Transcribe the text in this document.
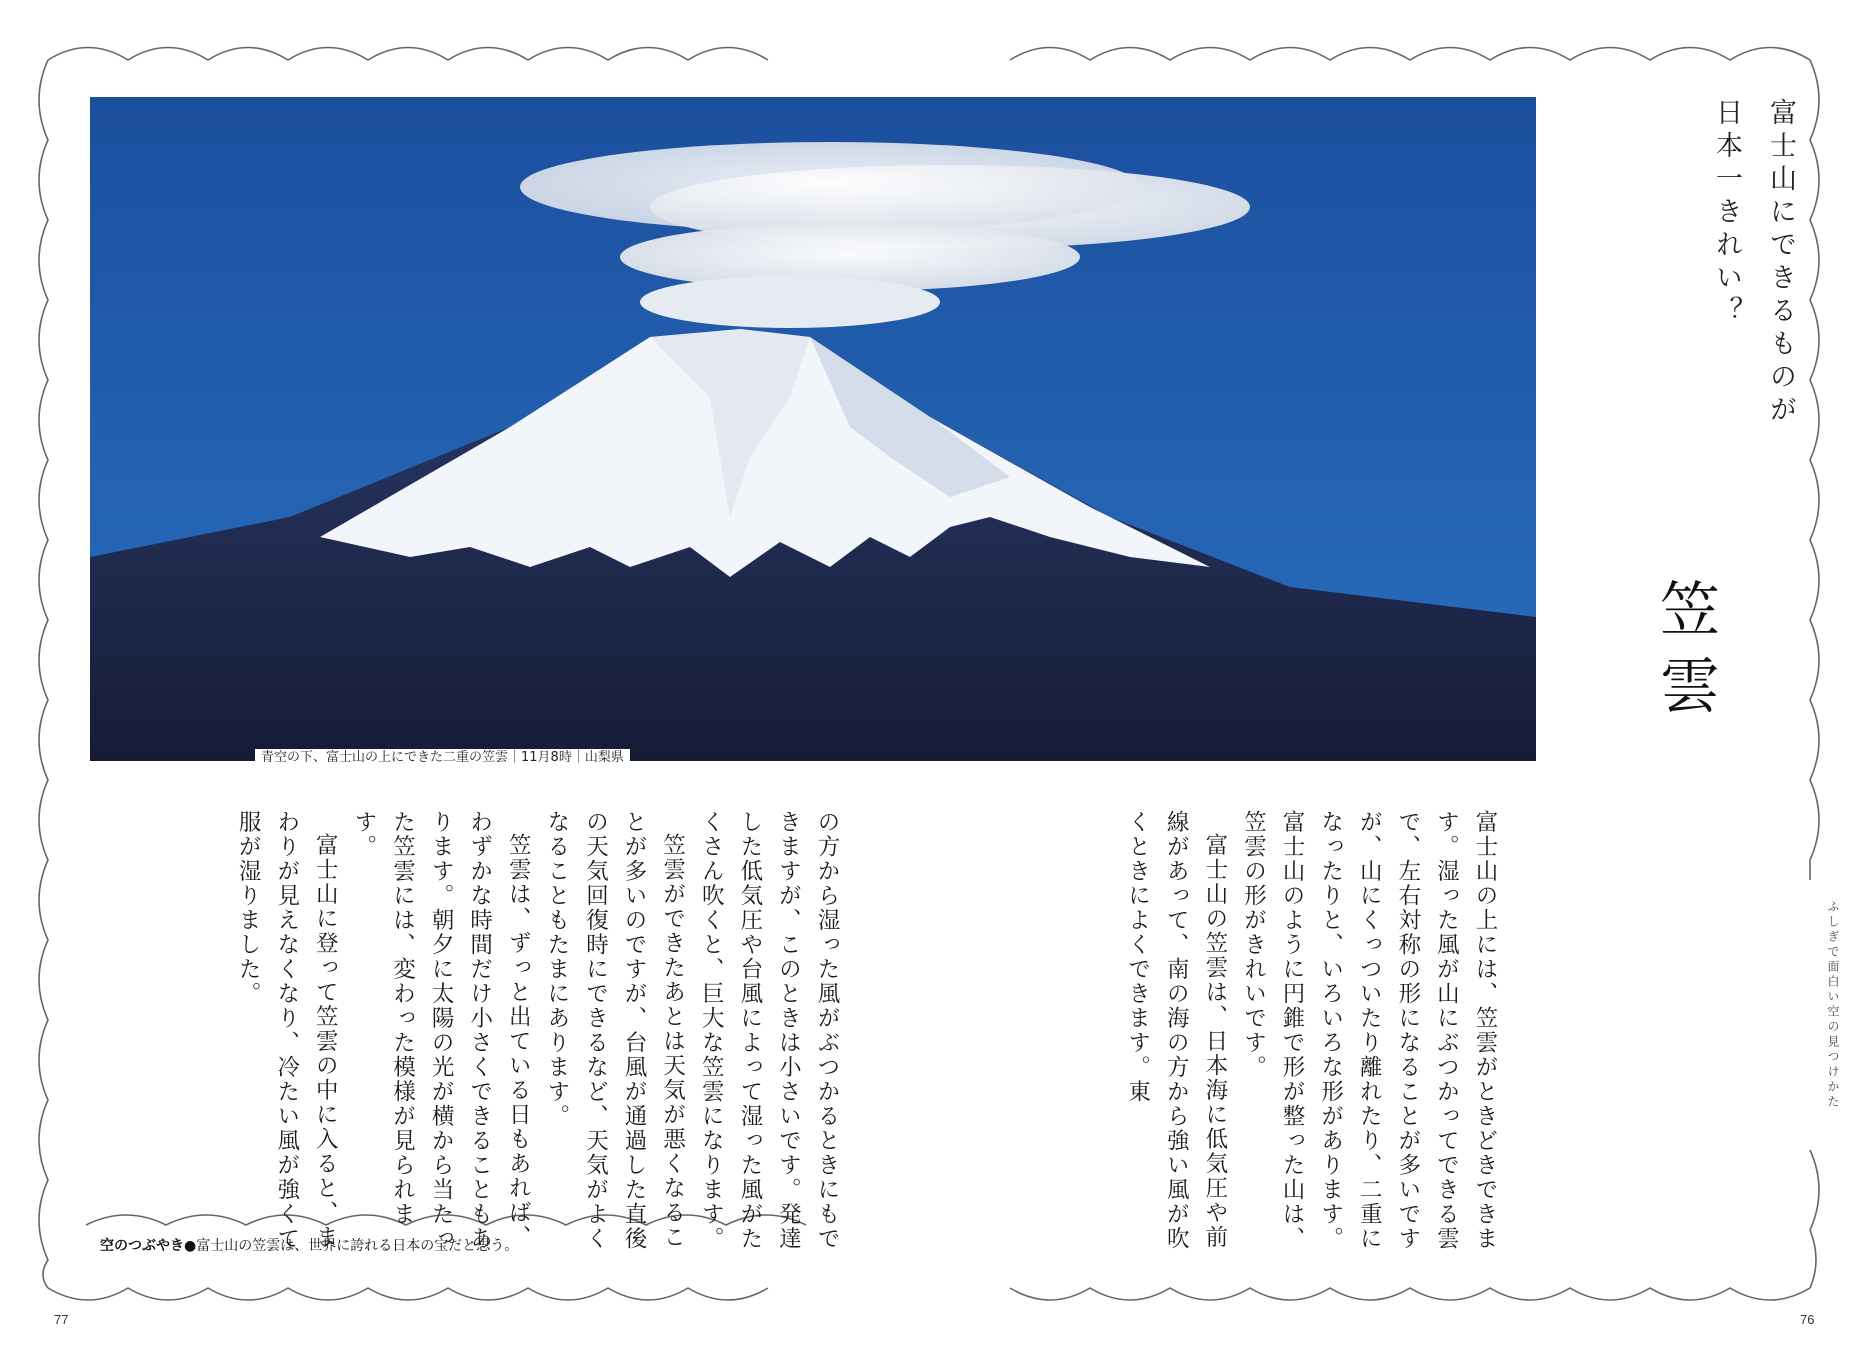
青空の下、富士山の上にできた二重の笠雲｜11月8時｜山梨県
富士山にできるものが日本一きれい？
笠雲

富士山の上には、笠雲がときどきできます。湿った風が山にぶつかってできる雲で、左右対称の形になることが多いですが、山にくっついたり離れたり、二重になったりと、いろいろな形があります。富士山のように円錐で形が整った山は、笠雲の形がきれいです。

富士山の笠雲は、日本海に低気圧や前線があって、南の海の方から強い風が吹くときによくできます。東

の方から湿った風がぶつかるときにもできますが、このときは小さいです。発達した低気圧や台風によって湿った風がたくさん吹くと、巨大な笠雲になります。

笠雲ができたあとは天気が悪くなることが多いのですが、台風が通過した直後の天気回復時にできるなど、天気がよくなることもたまにあります。

笠雲は、ずっと出ている日もあれば、わずかな時間だけ小さくできることもあります。朝夕に太陽の光が横から当たった笠雲には、変わった模様が見られます。

富士山に登って笠雲の中に入ると、まわりが見えなくなり、冷たい風が強くて服が湿りました。	ふしぎで面白い空の見つけかた
空のつぶやき●富士山の笠雲は、世界に誇れる日本の宝だと思う。
77	76
